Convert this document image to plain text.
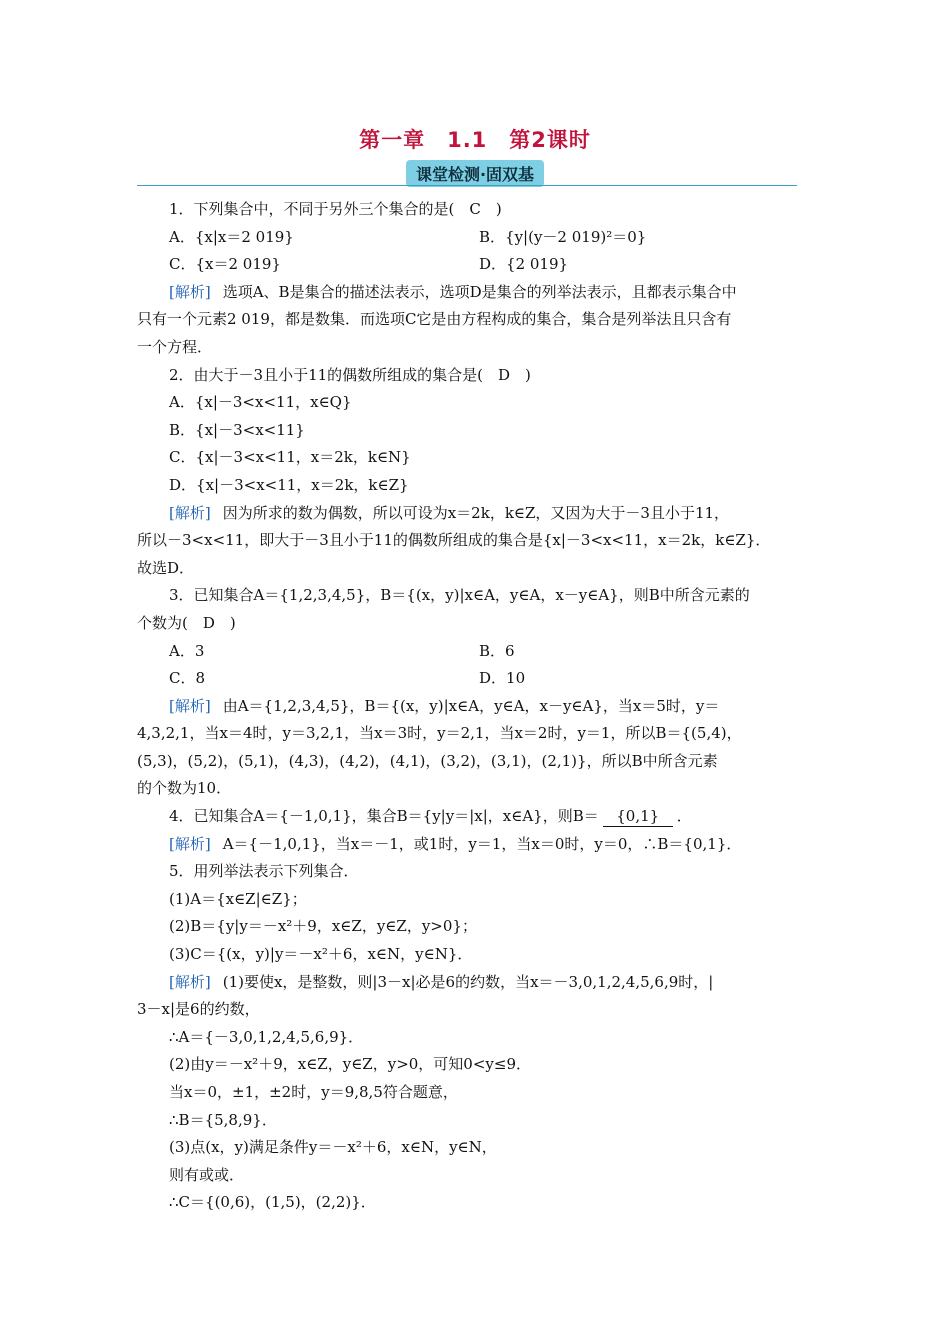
第一章　1.1　第2课时
课堂检测·固双基
1．下列集合中，不同于另外三个集合的是(　C　)
A．{x|x＝2 019}	B．{y|(y－2 019)²＝0}
C．{x＝2 019}	D．{2 019}
[解析] 选项A、B是集合的描述法表示，选项D是集合的列举法表示，且都表示集合中
只有一个元素2 019，都是数集．而选项C它是由方程构成的集合，集合是列举法且只含有
一个方程．
2．由大于－3且小于11的偶数所组成的集合是(　D　)
A．{x|－3<x<11，x∈Q}
B．{x|－3<x<11}
C．{x|－3<x<11，x＝2k，k∈N}
D．{x|－3<x<11，x＝2k，k∈Z}
[解析] 因为所求的数为偶数，所以可设为x＝2k，k∈Z，又因为大于－3且小于11，
所以－3<x<11，即大于－3且小于11的偶数所组成的集合是{x|－3<x<11，x＝2k，k∈Z}．
故选D．
3．已知集合A＝{1,2,3,4,5}，B＝{(x，y)|x∈A，y∈A，x－y∈A}，则B中所含元素的
个数为(　D　)
A．3	B．6
C．8	D．10
[解析] 由A＝{1,2,3,4,5}，B＝{(x，y)|x∈A，y∈A，x－y∈A}，当x＝5时，y＝
4,3,2,1，当x＝4时，y＝3,2,1，当x＝3时，y＝2,1，当x＝2时，y＝1，所以B＝{(5,4)，
(5,3)，(5,2)，(5,1)，(4,3)，(4,2)，(4,1)，(3,2)，(3,1)，(2,1)}，所以B中所含元素
的个数为10．
4．已知集合A＝{－1,0,1}，集合B＝{y|y＝|x|，x∈A}，则B＝ {0,1} ．
[解析] A＝{－1,0,1}，当x＝－1，或1时，y＝1，当x＝0时，y＝0，∴B＝{0,1}．
5．用列举法表示下列集合．
(1)A＝{x∈Z|∈Z}；
(2)B＝{y|y＝－x²＋9，x∈Z，y∈Z，y>0}；
(3)C＝{(x，y)|y＝－x²＋6，x∈N，y∈N}．
[解析] (1)要使x，是整数，则|3－x|必是6的约数，当x＝－3,0,1,2,4,5,6,9时，|
3－x|是6的约数，
∴A＝{－3,0,1,2,4,5,6,9}．
(2)由y＝－x²＋9，x∈Z，y∈Z，y>0，可知0<y≤9．
当x＝0，±1，±2时，y＝9,8,5符合题意，
∴B＝{5,8,9}．
(3)点(x，y)满足条件y＝－x²＋6，x∈N，y∈N，
则有或或．
∴C＝{(0,6)，(1,5)，(2,2)}．
